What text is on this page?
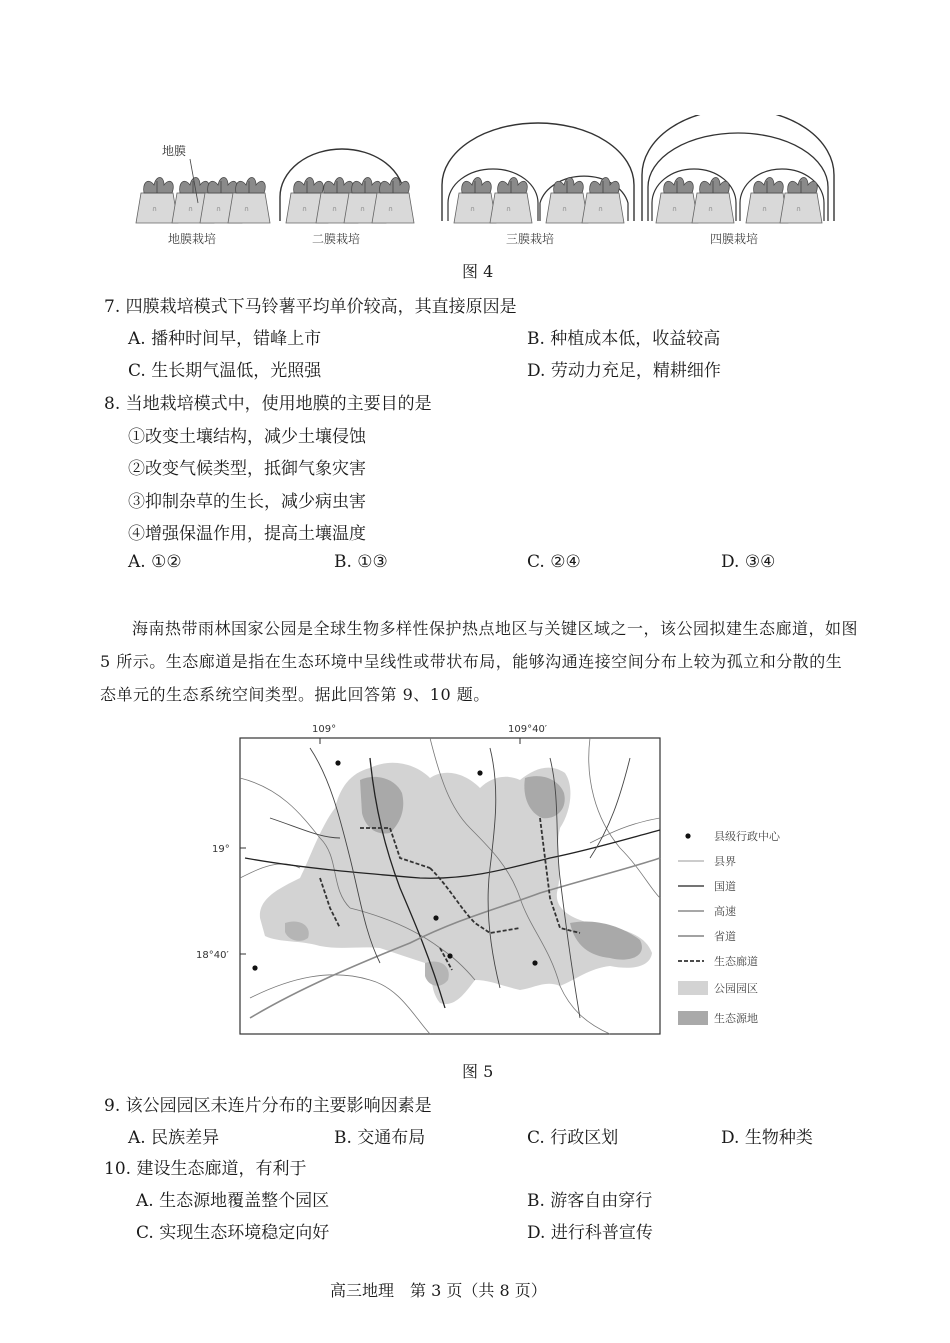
地膜
地膜栽培	二膜栽培	三膜栽培	四膜栽培
图 4
7. 四膜栽培模式下马铃薯平均单价较高，其直接原因是
A. 播种时间早，错峰上市	B. 种植成本低，收益较高
C. 生长期气温低，光照强	D. 劳动力充足，精耕细作
8. 当地栽培模式中，使用地膜的主要目的是
①改变土壤结构，减少土壤侵蚀
②改变气候类型，抵御气象灾害
③抑制杂草的生长，减少病虫害
④增强保温作用，提高土壤温度
A. ①②	B. ①③	C. ②④	D. ③④
海南热带雨林国家公园是全球生物多样性保护热点地区与关键区域之一，该公园拟建生态廊道，如图 5 所示。生态廊道是指在生态环境中呈线性或带状布局，能够沟通连接空间分布上较为孤立和分散的生态单元的生态系统空间类型。据此回答第 9、10 题。
109°	109°40′
19°
18°40′
县级行政中心
县界
国道
高速
省道
生态廊道
公园园区
生态源地
图 5
9. 该公园园区未连片分布的主要影响因素是
A. 民族差异	B. 交通布局	C. 行政区划	D. 生物种类
10. 建设生态廊道，有利于
A. 生态源地覆盖整个园区	B. 游客自由穿行
C. 实现生态环境稳定向好	D. 进行科普宣传
高三地理　第 3 页（共 8 页）
